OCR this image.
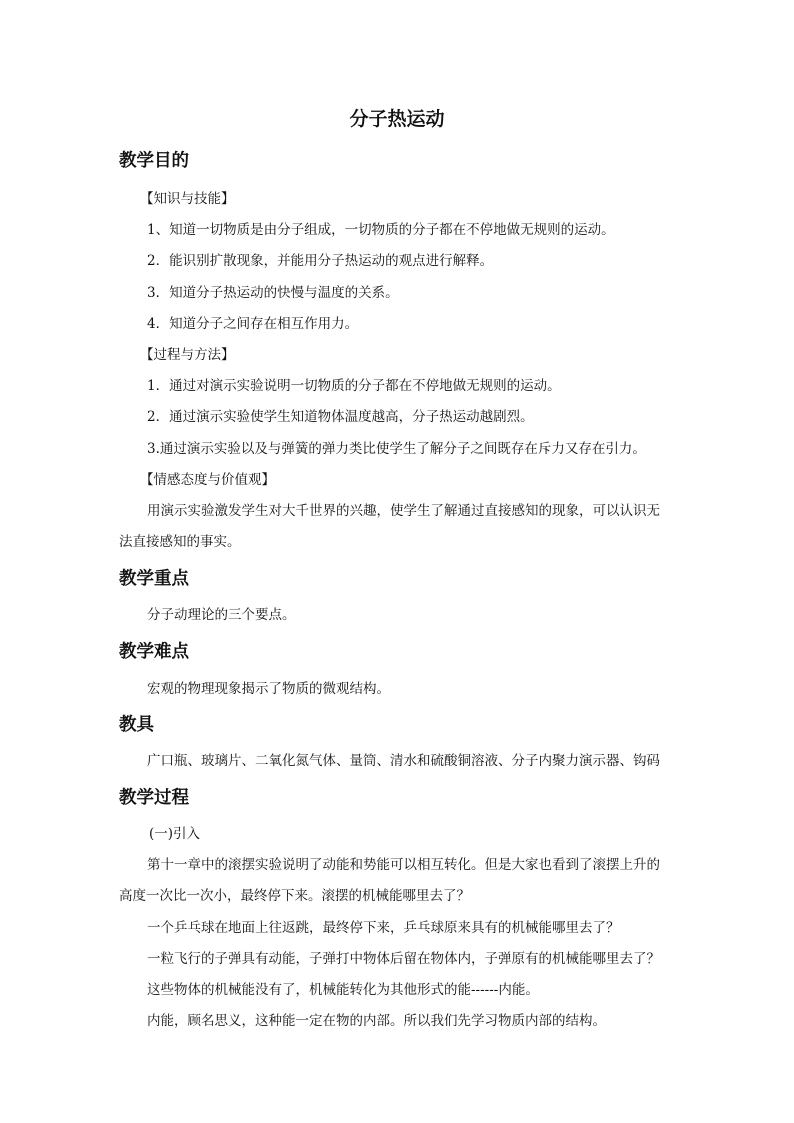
分子热运动
教学目的
【知识与技能】
1、知道一切物质是由分子组成，一切物质的分子都在不停地做无规则的运动。
2．能识别扩散现象，并能用分子热运动的观点进行解释。
3．知道分子热运动的快慢与温度的关系。
4．知道分子之间存在相互作用力。
【过程与方法】
1．通过对演示实验说明一切物质的分子都在不停地做无规则的运动。
2．通过演示实验使学生知道物体温度越高，分子热运动越剧烈。
3.通过演示实验以及与弹簧的弹力类比使学生了解分子之间既存在斥力又存在引力。
【情感态度与价值观】
用演示实验激发学生对大千世界的兴趣，使学生了解通过直接感知的现象，可以认识无
法直接感知的事实。
教学重点
分子动理论的三个要点。
教学难点
宏观的物理现象揭示了物质的微观结构。
教具
广口瓶、玻璃片、二氧化氮气体、量筒、清水和硫酸铜溶液、分子内聚力演示器、钩码
教学过程
(一)引入
第十一章中的滚摆实验说明了动能和势能可以相互转化。但是大家也看到了滚摆上升的
高度一次比一次小，最终停下来。滚摆的机械能哪里去了？
一个乒乓球在地面上往返跳，最终停下来，乒乓球原来具有的机械能哪里去了？
一粒飞行的子弹具有动能，子弹打中物体后留在物体内，子弹原有的机械能哪里去了？
这些物体的机械能没有了，机械能转化为其他形式的能------内能。
内能，顾名思义，这种能一定在物的内部。所以我们先学习物质内部的结构。
